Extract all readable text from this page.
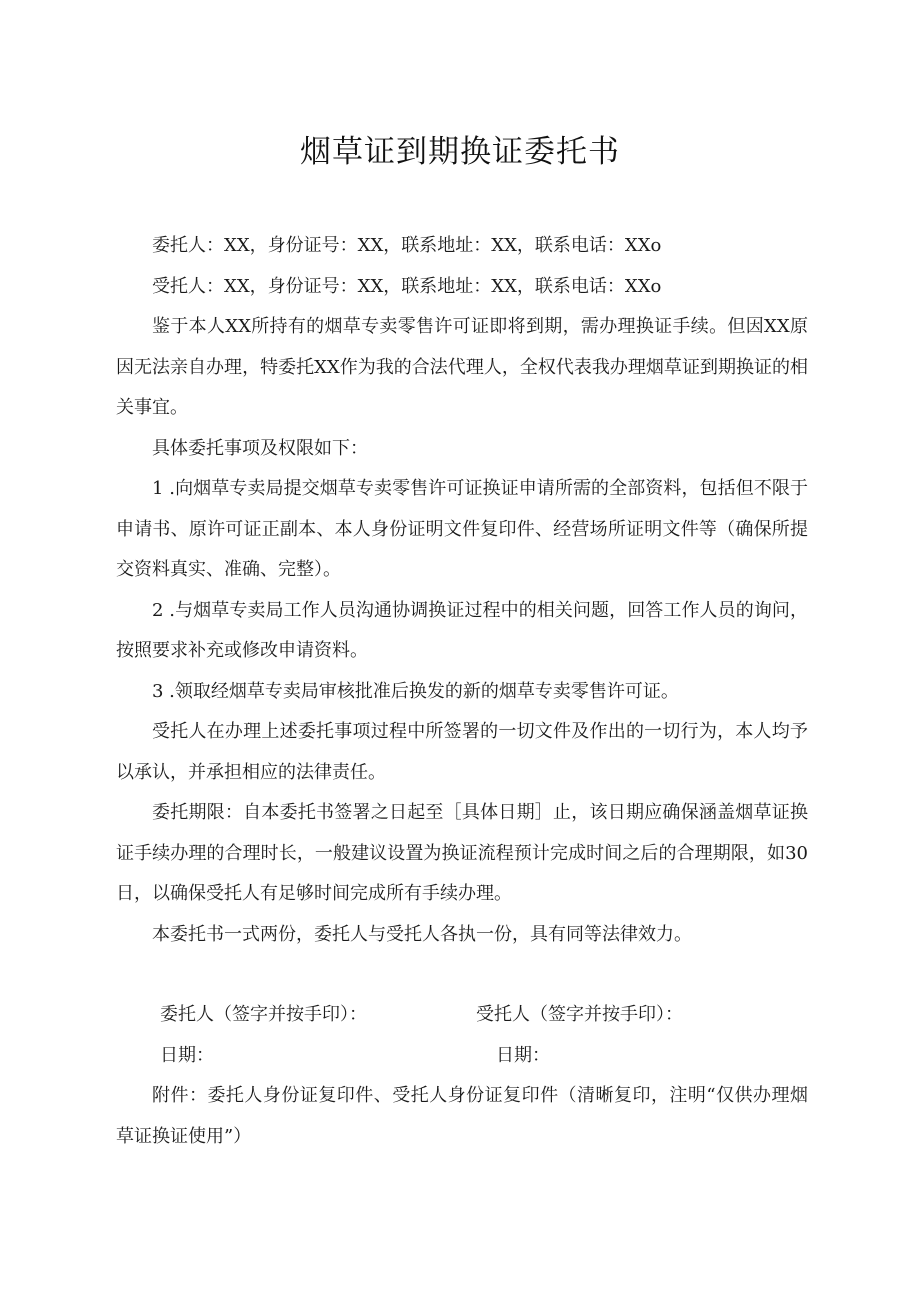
烟草证到期换证委托书

委托人：XX，身份证号：XX，联系地址：XX，联系电话：XXo

受托人：XX，身份证号：XX，联系地址：XX，联系电话：XXo

鉴于本人XX所持有的烟草专卖零售许可证即将到期，需办理换证手续。但因XX原因无法亲自办理，特委托XX作为我的合法代理人，全权代表我办理烟草证到期换证的相关事宜。

具体委托事项及权限如下：

1 .向烟草专卖局提交烟草专卖零售许可证换证申请所需的全部资料，包括但不限于申请书、原许可证正副本、本人身份证明文件复印件、经营场所证明文件等（确保所提交资料真实、准确、完整）。

2 .与烟草专卖局工作人员沟通协调换证过程中的相关问题，回答工作人员的询问，按照要求补充或修改申请资料。

3 .领取经烟草专卖局审核批准后换发的新的烟草专卖零售许可证。

受托人在办理上述委托事项过程中所签署的一切文件及作出的一切行为，本人均予以承认，并承担相应的法律责任。

委托期限：自本委托书签署之日起至［具体日期］止，该日期应确保涵盖烟草证换证手续办理的合理时长，一般建议设置为换证流程预计完成时间之后的合理期限，如30日，以确保受托人有足够时间完成所有手续办理。

本委托书一式两份，委托人与受托人各执一份，具有同等法律效力。

委托人（签字并按手印）：	受托人（签字并按手印）：
日期：	日期：

附件：委托人身份证复印件、受托人身份证复印件（清晰复印，注明“仅供办理烟草证换证使用”）
